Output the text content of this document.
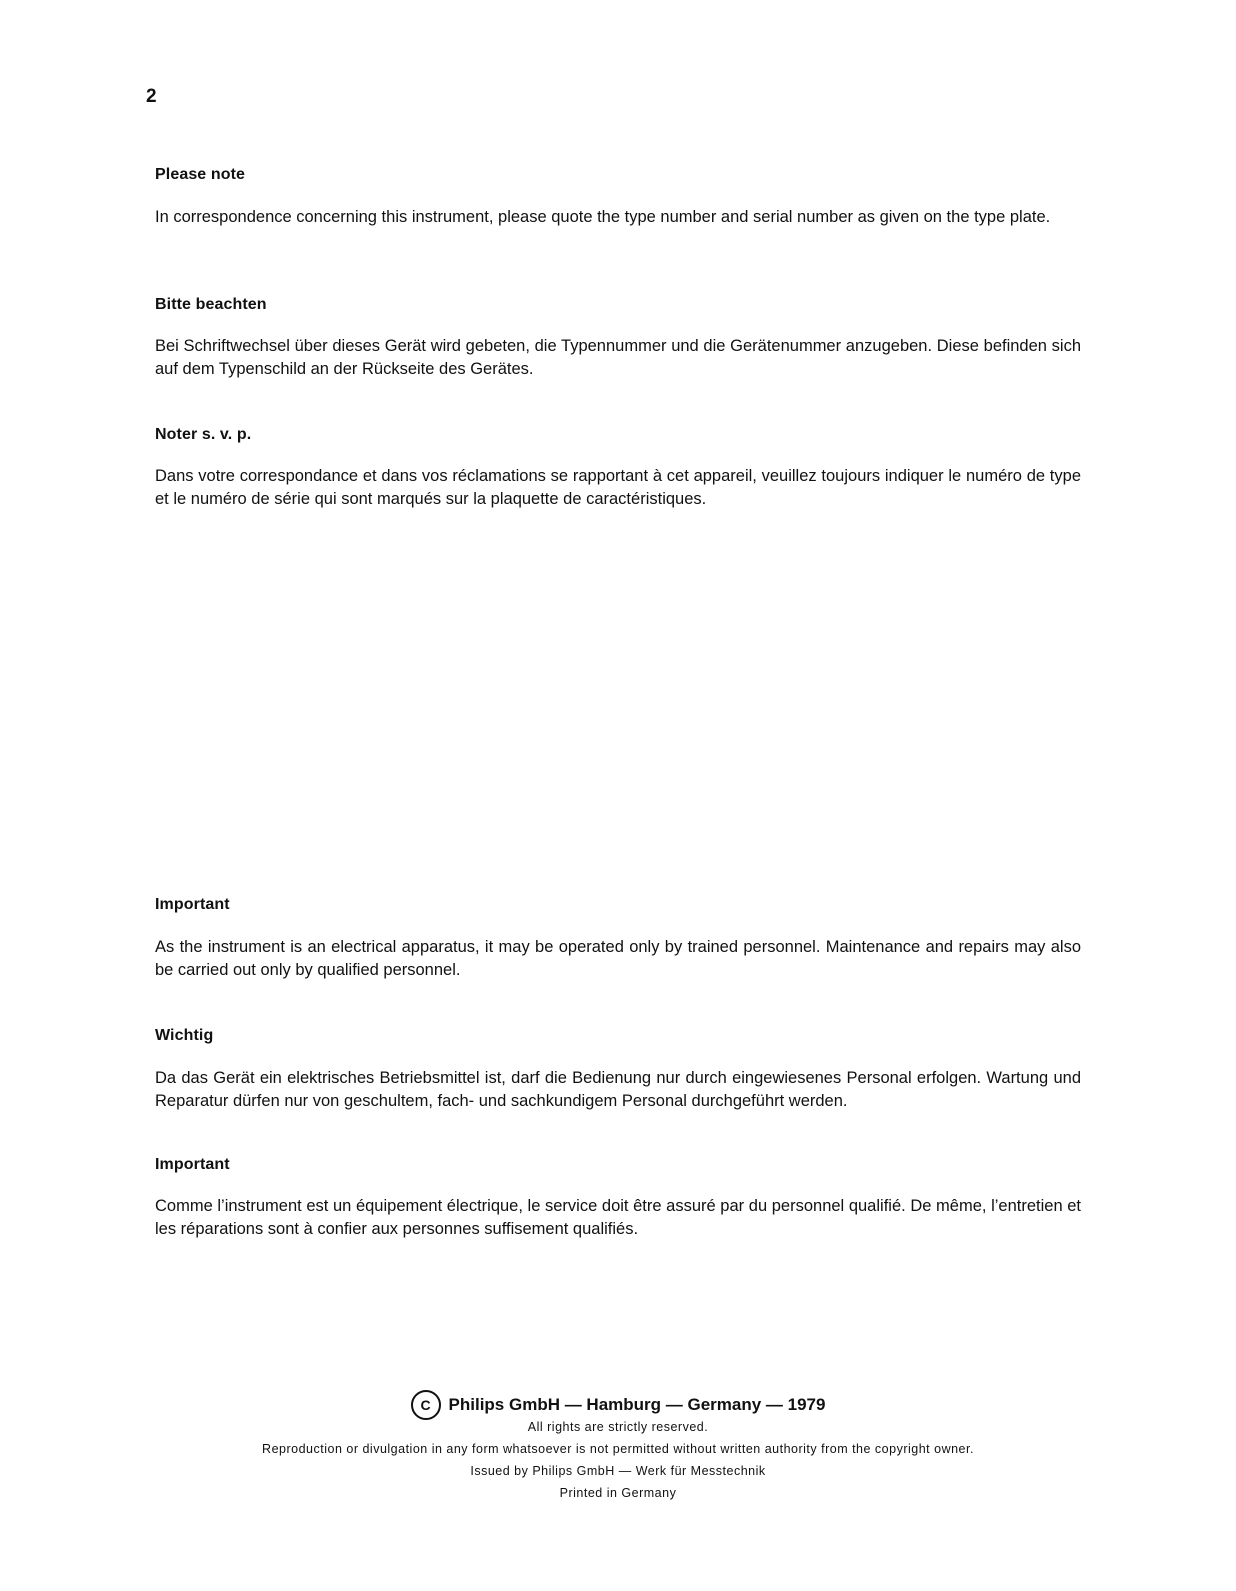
2
Please note
In correspondence concerning this instrument, please quote the type number and serial number as given on the type plate.
Bitte beachten
Bei Schriftwechsel über dieses Gerät wird gebeten, die Typennummer und die Gerätenummer anzugeben. Diese befinden sich auf dem Typenschild an der Rückseite des Gerätes.
Noter s. v. p.
Dans votre correspondance et dans vos réclamations se rapportant à cet appareil, veuillez toujours indiquer le numéro de type et le numéro de série qui sont marqués sur la plaquette de caractéristiques.
Important
As the instrument is an electrical apparatus, it may be operated only by trained personnel. Maintenance and repairs may also be carried out only by qualified personnel.
Wichtig
Da das Gerät ein elektrisches Betriebsmittel ist, darf die Bedienung nur durch eingewiesenes Personal erfolgen. Wartung und Reparatur dürfen nur von geschultem, fach- und sachkundigem Personal durchgeführt werden.
Important
Comme l’instrument est un équipement électrique, le service doit être assuré par du personnel qualifié. De même, l’entretien et les réparations sont à confier aux personnes suffisement qualifiés.
C	Philips GmbH — Hamburg — Germany — 1979
All rights are strictly reserved.
Reproduction or divulgation in any form whatsoever is not permitted without written authority from the copyright owner.
Issued by Philips GmbH — Werk für Messtechnik
Printed in Germany
